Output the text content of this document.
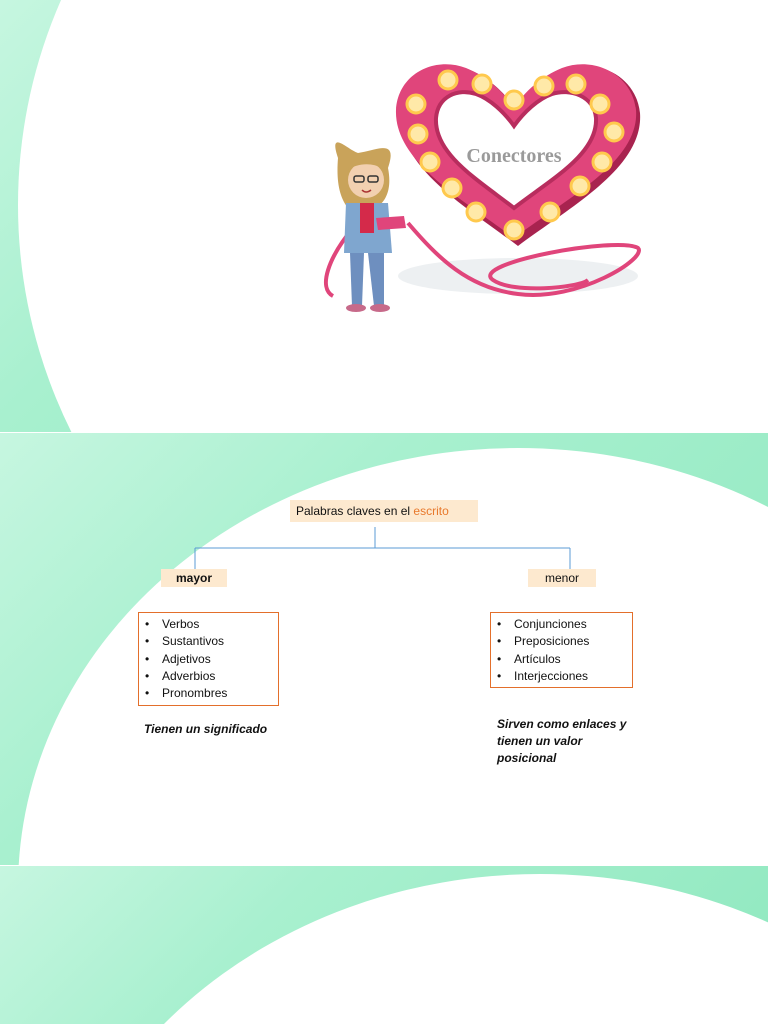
Conectores
Palabras claves en el escrito
mayor	menor
• Verbos
• Sustantivos
• Adjetivos
• Adverbios
• Pronombres
• Conjunciones
• Preposiciones
• Artículos
• Interjecciones
Tienen un significado	Sirven como enlaces y tienen un valor posicional
